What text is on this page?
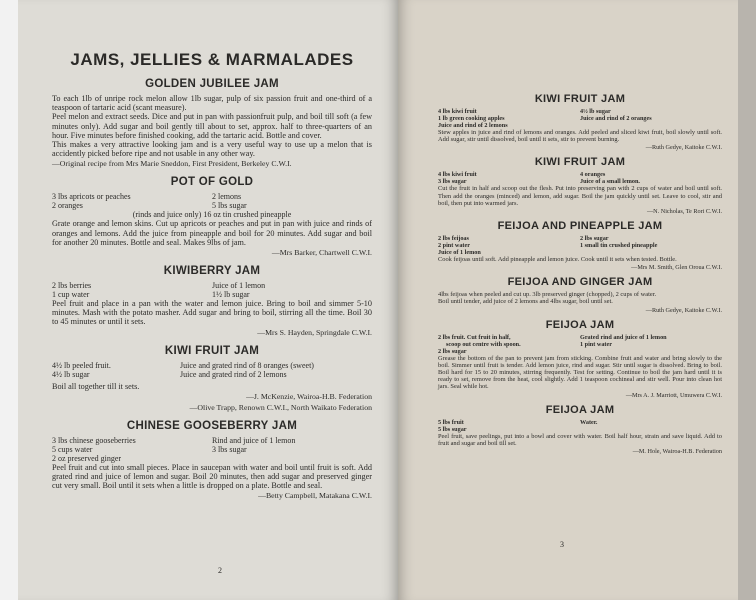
JAMS, JELLIES & MARMALADES
GOLDEN JUBILEE JAM

To each 1lb of unripe rock melon allow 1lb sugar, pulp of six passion fruit and one-third of a teaspoon of tartaric acid (scant measure).

Peel melon and extract seeds. Dice and put in pan with passionfruit pulp, and boil till soft (a few minutes only). Add sugar and boil gently till about to set, approx. half to three-quarters of an hour. Five minutes before finished cooking, add the tartaric acid. Bottle and cover.

This makes a very attractive looking jam and is a very useful way to use up a melon that is accidently picked before ripe and not usable in any other way.

—Original recipe from Mrs Marie Sneddon, First President, Berkeley C.W.I.
POT OF GOLD
3 lbs apricots or peaches
2 oranges
2 lemons
5 lbs sugar
(rinds and juice only) 16 oz tin crushed pineapple

Grate orange and lemon skins. Cut up apricots or peaches and put in pan with juice and rinds of oranges and lemons. Add the juice from pineapple and boil for 20 minutes. Add sugar and boil for another 20 minutes. Bottle and seal. Makes 9lbs of jam.

—Mrs Barker, Chartwell C.W.I.
KIWIBERRY JAM
2 lbs berries
1 cup water
Juice of 1 lemon
1½ lb sugar

Peel fruit and place in a pan with the water and lemon juice. Bring to boil and simmer 5-10 minutes. Mash with the potato masher. Add sugar and bring to boil, stirring all the time. Boil 30 to 45 minutes or until it sets.

—Mrs S. Hayden, Springdale C.W.I.
KIWI FRUIT JAM
4½ lb peeled fruit.
4½ lb sugar
Juice and grated rind of 8 oranges (sweet)
Juice and grated rind of 2 lemons

Boil all together till it sets.

—J. McKenzie, Wairoa-H.B. Federation
—Olive Trapp, Renown C.W.I., North Waikato Federation
CHINESE GOOSEBERRY JAM
3 lbs chinese gooseberries
5 cups water
2 oz preserved ginger
Rind and juice of 1 lemon
3 lbs sugar

Peel fruit and cut into small pieces. Place in saucepan with water and boil until fruit is soft. Add grated rind and juice of lemon and sugar. Boil 20 minutes, then add sugar and preserved ginger cut very small. Boil until it sets when a little is dropped on a plate. Bottle and seal.

—Betty Campbell, Matakana C.W.I.
2
KIWI FRUIT JAM
4 lbs kiwi fruit
1 lb green cooking apples
Juice and rind of 2 lemons
4½ lb sugar
Juice and rind of 2 oranges

Stew apples in juice and rind of lemons and oranges. Add peeled and sliced kiwi fruit, boil slowly until soft. Add sugar, stir until dissolved, boil until it sets, stir to prevent burning.

—Ruth Gedye, Kaitoke C.W.I.
KIWI FRUIT JAM
4 lbs kiwi fruit
3 lbs sugar
4 oranges
Juice of a small lemon.

Cut the fruit in half and scoop out the flesh. Put into preserving pan with 2 cups of water and boil until soft. Then add the oranges (minced) and lemon, add sugar. Boil the jam quickly until set. Leave to cool, stir and boil, then put into warmed jars.

—N. Nicholas, Te Rori C.W.I.
FEIJOA AND PINEAPPLE JAM
2 lbs feijoas
2 pint water
Juice of 1 lemon
2 lbs sugar
1 small tin crushed pineapple

Cook feijoas until soft. Add pineapple and lemon juice. Cook until it sets when tested. Bottle.

—Mrs M. Smith, Glen Oroua C.W.I.
FEIJOA AND GINGER JAM

4lbs feijoas when peeled and cut up. 3lb preserved ginger (chopped), 2 cups of water.

Boil until tender, add juice of 2 lemons and 4lbs sugar, boil until set.

—Ruth Gedye, Kaitoke C.W.I.
FEIJOA JAM
2 lbs fruit. Cut fruit in half,
scoop out centre with spoon.
2 lbs sugar
Grated rind and juice of 1 lemon
1 pint water

Grease the bottom of the pan to prevent jam from sticking. Combine fruit and water and bring slowly to the boil. Simmer until fruit is tender. Add lemon juice, rind and sugar. Stir until sugar is dissolved. Bring to boil. Boil hard for 15 to 20 minutes, stirring frequently. Test for setting. Continue to boil the jam hard until it is ready to set, remove from the heat, cool slightly. Add 1 teaspoon cochineal and stir well. Pour into clean hot jars. Seal while hot.

—Mrs A. J. Marriott, Umuwera C.W.I.
FEIJOA JAM
5 lbs fruit
5 lbs sugar
Water.

Peel fruit, save peelings, put into a bowl and cover with water. Boil half hour, strain and save liquid. Add to fruit and sugar and boil till set.

—M. Hole, Wairoa-H.B. Federation
3
